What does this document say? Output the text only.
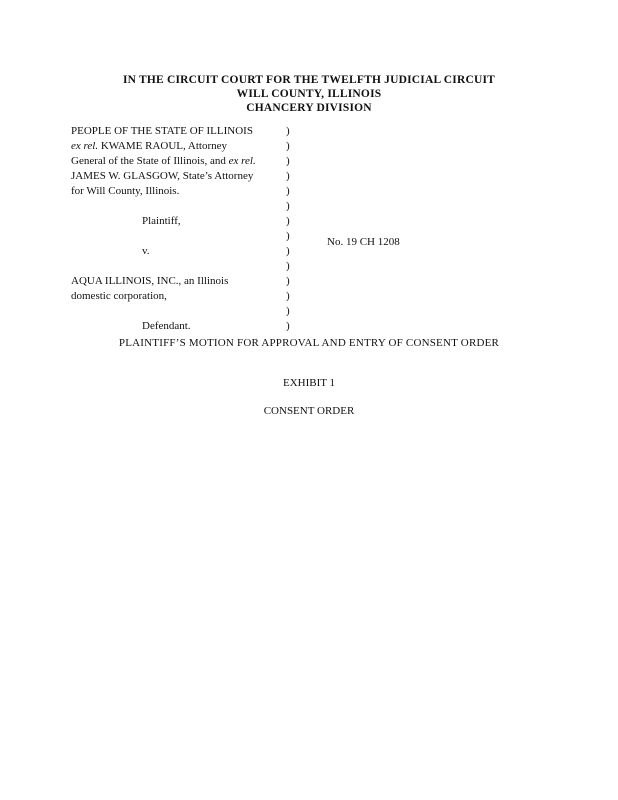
IN THE CIRCUIT COURT FOR THE TWELFTH JUDICIAL CIRCUIT
WILL COUNTY, ILLINOIS
CHANCERY DIVISION
PEOPLE OF THE STATE OF ILLINOIS
ex rel. KWAME RAOUL, Attorney
General of the State of Illinois, and ex rel.
JAMES W. GLASGOW, State’s Attorney
for Will County, Illinois.
Plaintiff,
v.
AQUA ILLINOIS, INC., an Illinois
domestic corporation,
Defendant.
)
)
)
)
)
)
)
)
)
)
)
)
)
)
No. 19 CH 1208
PLAINTIFF’S MOTION FOR APPROVAL AND ENTRY OF CONSENT ORDER
EXHIBIT 1
CONSENT ORDER
